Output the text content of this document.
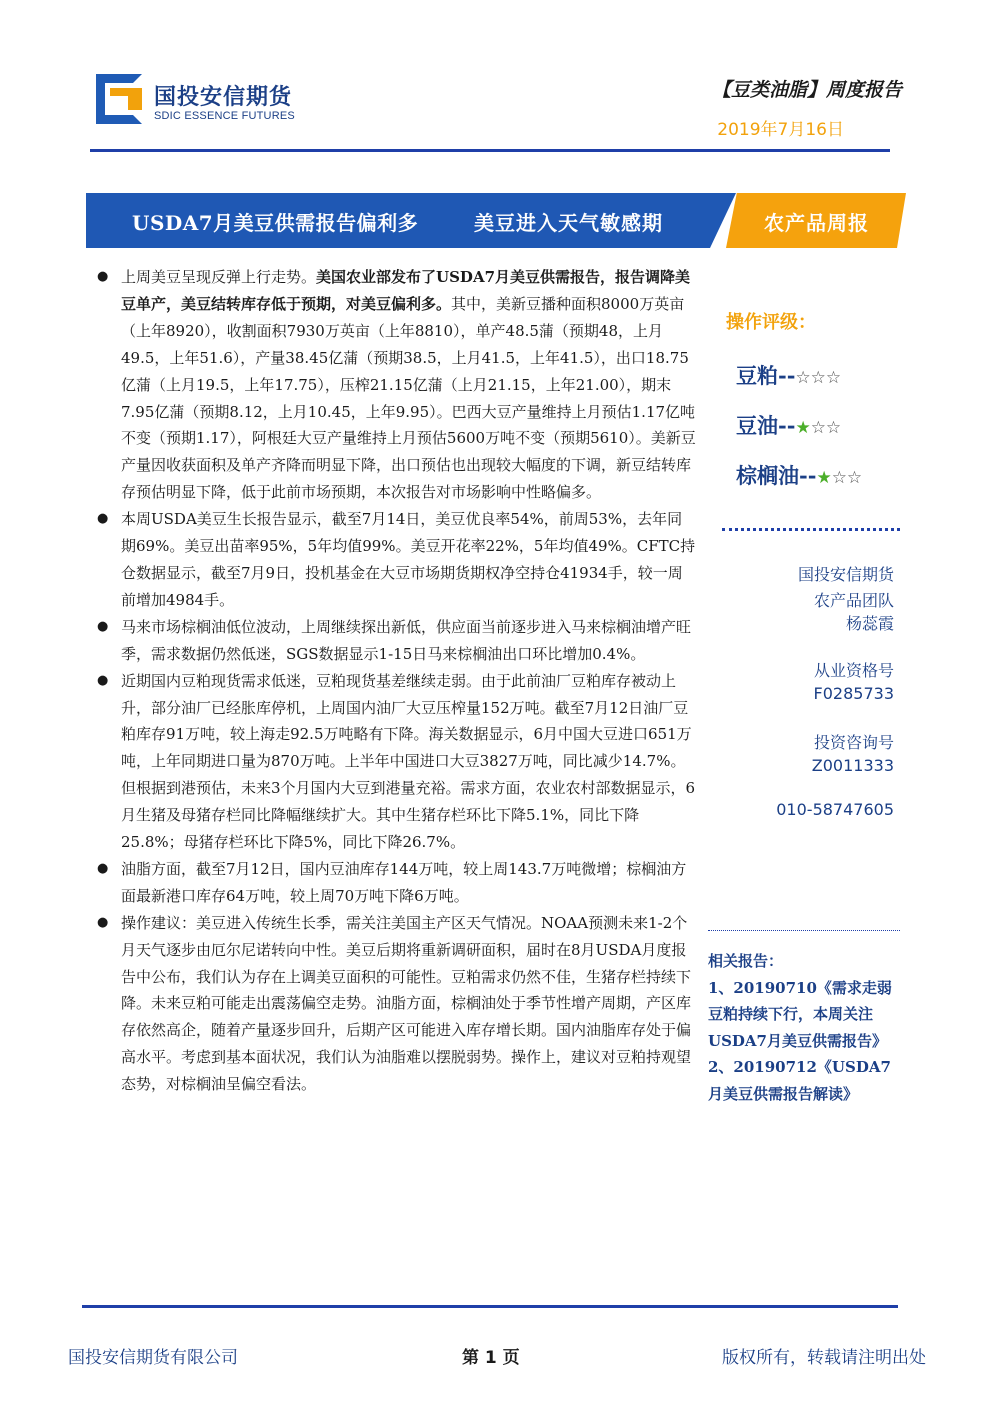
国投安信期货
SDIC ESSENCE FUTURES
【豆类油脂】周度报告
2019年7月16日
USDA7月美豆供需报告偏利多	美豆进入天气敏感期	农产品周报
● 上周美豆呈现反弹上行走势。美国农业部发布了USDA7月美豆供需报告，报告调降美豆单产，美豆结转库存低于预期，对美豆偏利多。其中，美新豆播种面积8000万英亩（上年8920），收割面积7930万英亩（上年8810），单产48.5蒲（预期48，上月49.5，上年51.6），产量38.45亿蒲（预期38.5，上月41.5，上年41.5），出口18.75亿蒲（上月19.5，上年17.75），压榨21.15亿蒲（上月21.15，上年21.00），期末7.95亿蒲（预期8.12，上月10.45，上年9.95）。巴西大豆产量维持上月预估1.17亿吨不变（预期1.17），阿根廷大豆产量维持上月预估5600万吨不变（预期5610）。美新豆产量因收获面积及单产齐降而明显下降，出口预估也出现较大幅度的下调，新豆结转库存预估明显下降，低于此前市场预期，本次报告对市场影响中性略偏多。
● 本周USDA美豆生长报告显示，截至7月14日，美豆优良率54%，前周53%，去年同期69%。美豆出苗率95%，5年均值99%。美豆开花率22%，5年均值49%。CFTC持仓数据显示，截至7月9日，投机基金在大豆市场期货期权净空持仓41934手，较一周前增加4984手。
● 马来市场棕榈油低位波动，上周继续探出新低，供应面当前逐步进入马来棕榈油增产旺季，需求数据仍然低迷，SGS数据显示1-15日马来棕榈油出口环比增加0.4%。
● 近期国内豆粕现货需求低迷，豆粕现货基差继续走弱。由于此前油厂豆粕库存被动上升，部分油厂已经胀库停机，上周国内油厂大豆压榨量152万吨。截至7月12日油厂豆粕库存91万吨，较上海走92.5万吨略有下降。海关数据显示，6月中国大豆进口651万吨，上年同期进口量为870万吨。上半年中国进口大豆3827万吨，同比减少14.7%。但根据到港预估，未来3个月国内大豆到港量充裕。需求方面，农业农村部数据显示，6月生猪及母猪存栏同比降幅继续扩大。其中生猪存栏环比下降5.1%，同比下降25.8%；母猪存栏环比下降5%，同比下降26.7%。
● 油脂方面，截至7月12日，国内豆油库存144万吨，较上周143.7万吨微增；棕榈油方面最新港口库存64万吨，较上周70万吨下降6万吨。
● 操作建议：美豆进入传统生长季，需关注美国主产区天气情况。NOAA预测未来1-2个月天气逐步由厄尔尼诺转向中性。美豆后期将重新调研面积，届时在8月USDA月度报告中公布，我们认为存在上调美豆面积的可能性。豆粕需求仍然不佳，生猪存栏持续下降。未来豆粕可能走出震荡偏空走势。油脂方面，棕榈油处于季节性增产周期，产区库存依然高企，随着产量逐步回升，后期产区可能进入库存增长期。国内油脂库存处于偏高水平。考虑到基本面状况，我们认为油脂难以摆脱弱势。操作上，建议对豆粕持观望态势，对棕榈油呈偏空看法。
操作评级：
豆粕--☆☆☆
豆油--★☆☆
棕榈油--★☆☆
国投安信期货
农产品团队
杨蕊霞
从业资格号
F0285733
投资咨询号
Z0011333
010-58747605
相关报告：
1、20190710《需求走弱豆粕持续下行，本周关注USDA7月美豆供需报告》
2、20190712《USDA7月美豆供需报告解读》
国投安信期货有限公司	第 1 页	版权所有，转载请注明出处
